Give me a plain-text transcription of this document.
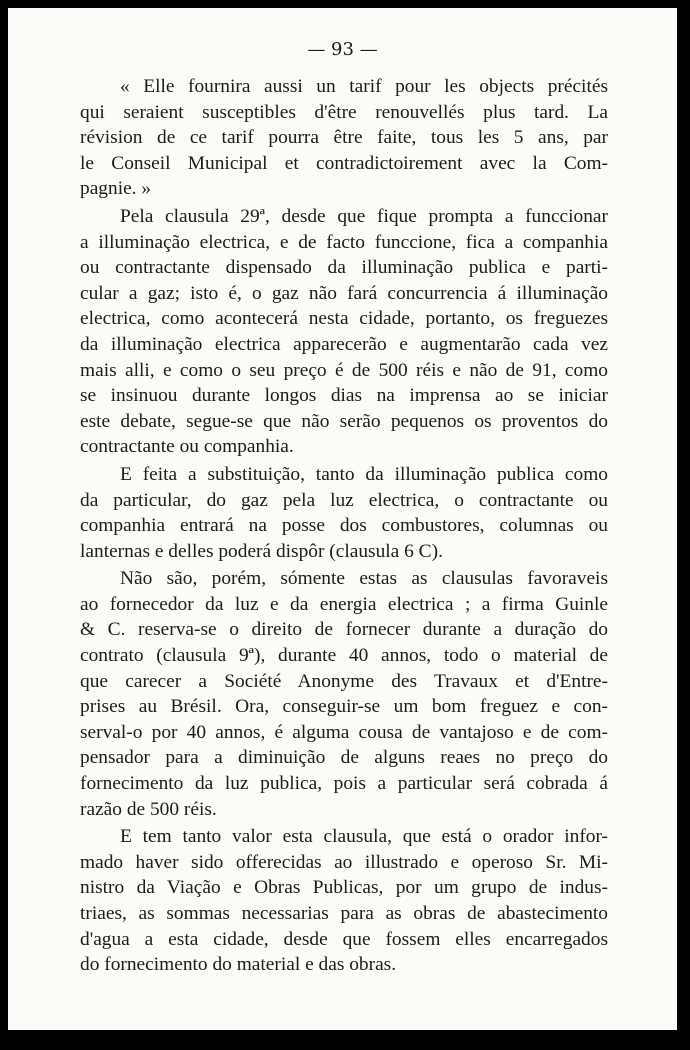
— 93 —

« Elle fournira aussi un tarif pour les objects précités
qui seraient susceptibles d'être renouvellés plus tard. La
révision de ce tarif pourra être faite, tous les 5 ans, par
le Conseil Municipal et contradictoirement avec la Com-
pagnie. »

Pela clausula 29ª, desde que fique prompta a funccionar
a illuminação electrica, e de facto funccione, fica a companhia
ou contractante dispensado da illuminação publica e parti-
cular a gaz; isto é, o gaz não fará concurrencia á illuminação
electrica, como acontecerá nesta cidade, portanto, os freguezes
da illuminação electrica apparecerão e augmentarão cada vez
mais alli, e como o seu preço é de 500 réis e não de 91, como
se insinuou durante longos dias na imprensa ao se iniciar
este debate, segue-se que não serão pequenos os proventos do
contractante ou companhia.

E feita a substituição, tanto da illuminação publica como
da particular, do gaz pela luz electrica, o contractante ou
companhia entrará na posse dos combustores, columnas ou
lanternas e delles poderá dispôr (clausula 6 C).

Não são, porém, sómente estas as clausulas favoraveis
ao fornecedor da luz e da energia electrica ; a firma Guinle
& C. reserva-se o direito de fornecer durante a duração do
contrato (clausula 9ª), durante 40 annos, todo o material de
que carecer a Société Anonyme des Travaux et d'Entre-
prises au Brésil. Ora, conseguir-se um bom freguez e con-
serval-o por 40 annos, é alguma cousa de vantajoso e de com-
pensador para a diminuição de alguns reaes no preço do
fornecimento da luz publica, pois a particular será cobrada á
razão de 500 réis.

E tem tanto valor esta clausula, que está o orador infor-
mado haver sido offerecidas ao illustrado e operoso Sr. Mi-
nistro da Viação e Obras Publicas, por um grupo de indus-
triaes, as sommas necessarias para as obras de abastecimento
d'agua a esta cidade, desde que fossem elles encarregados
do fornecimento do material e das obras.
